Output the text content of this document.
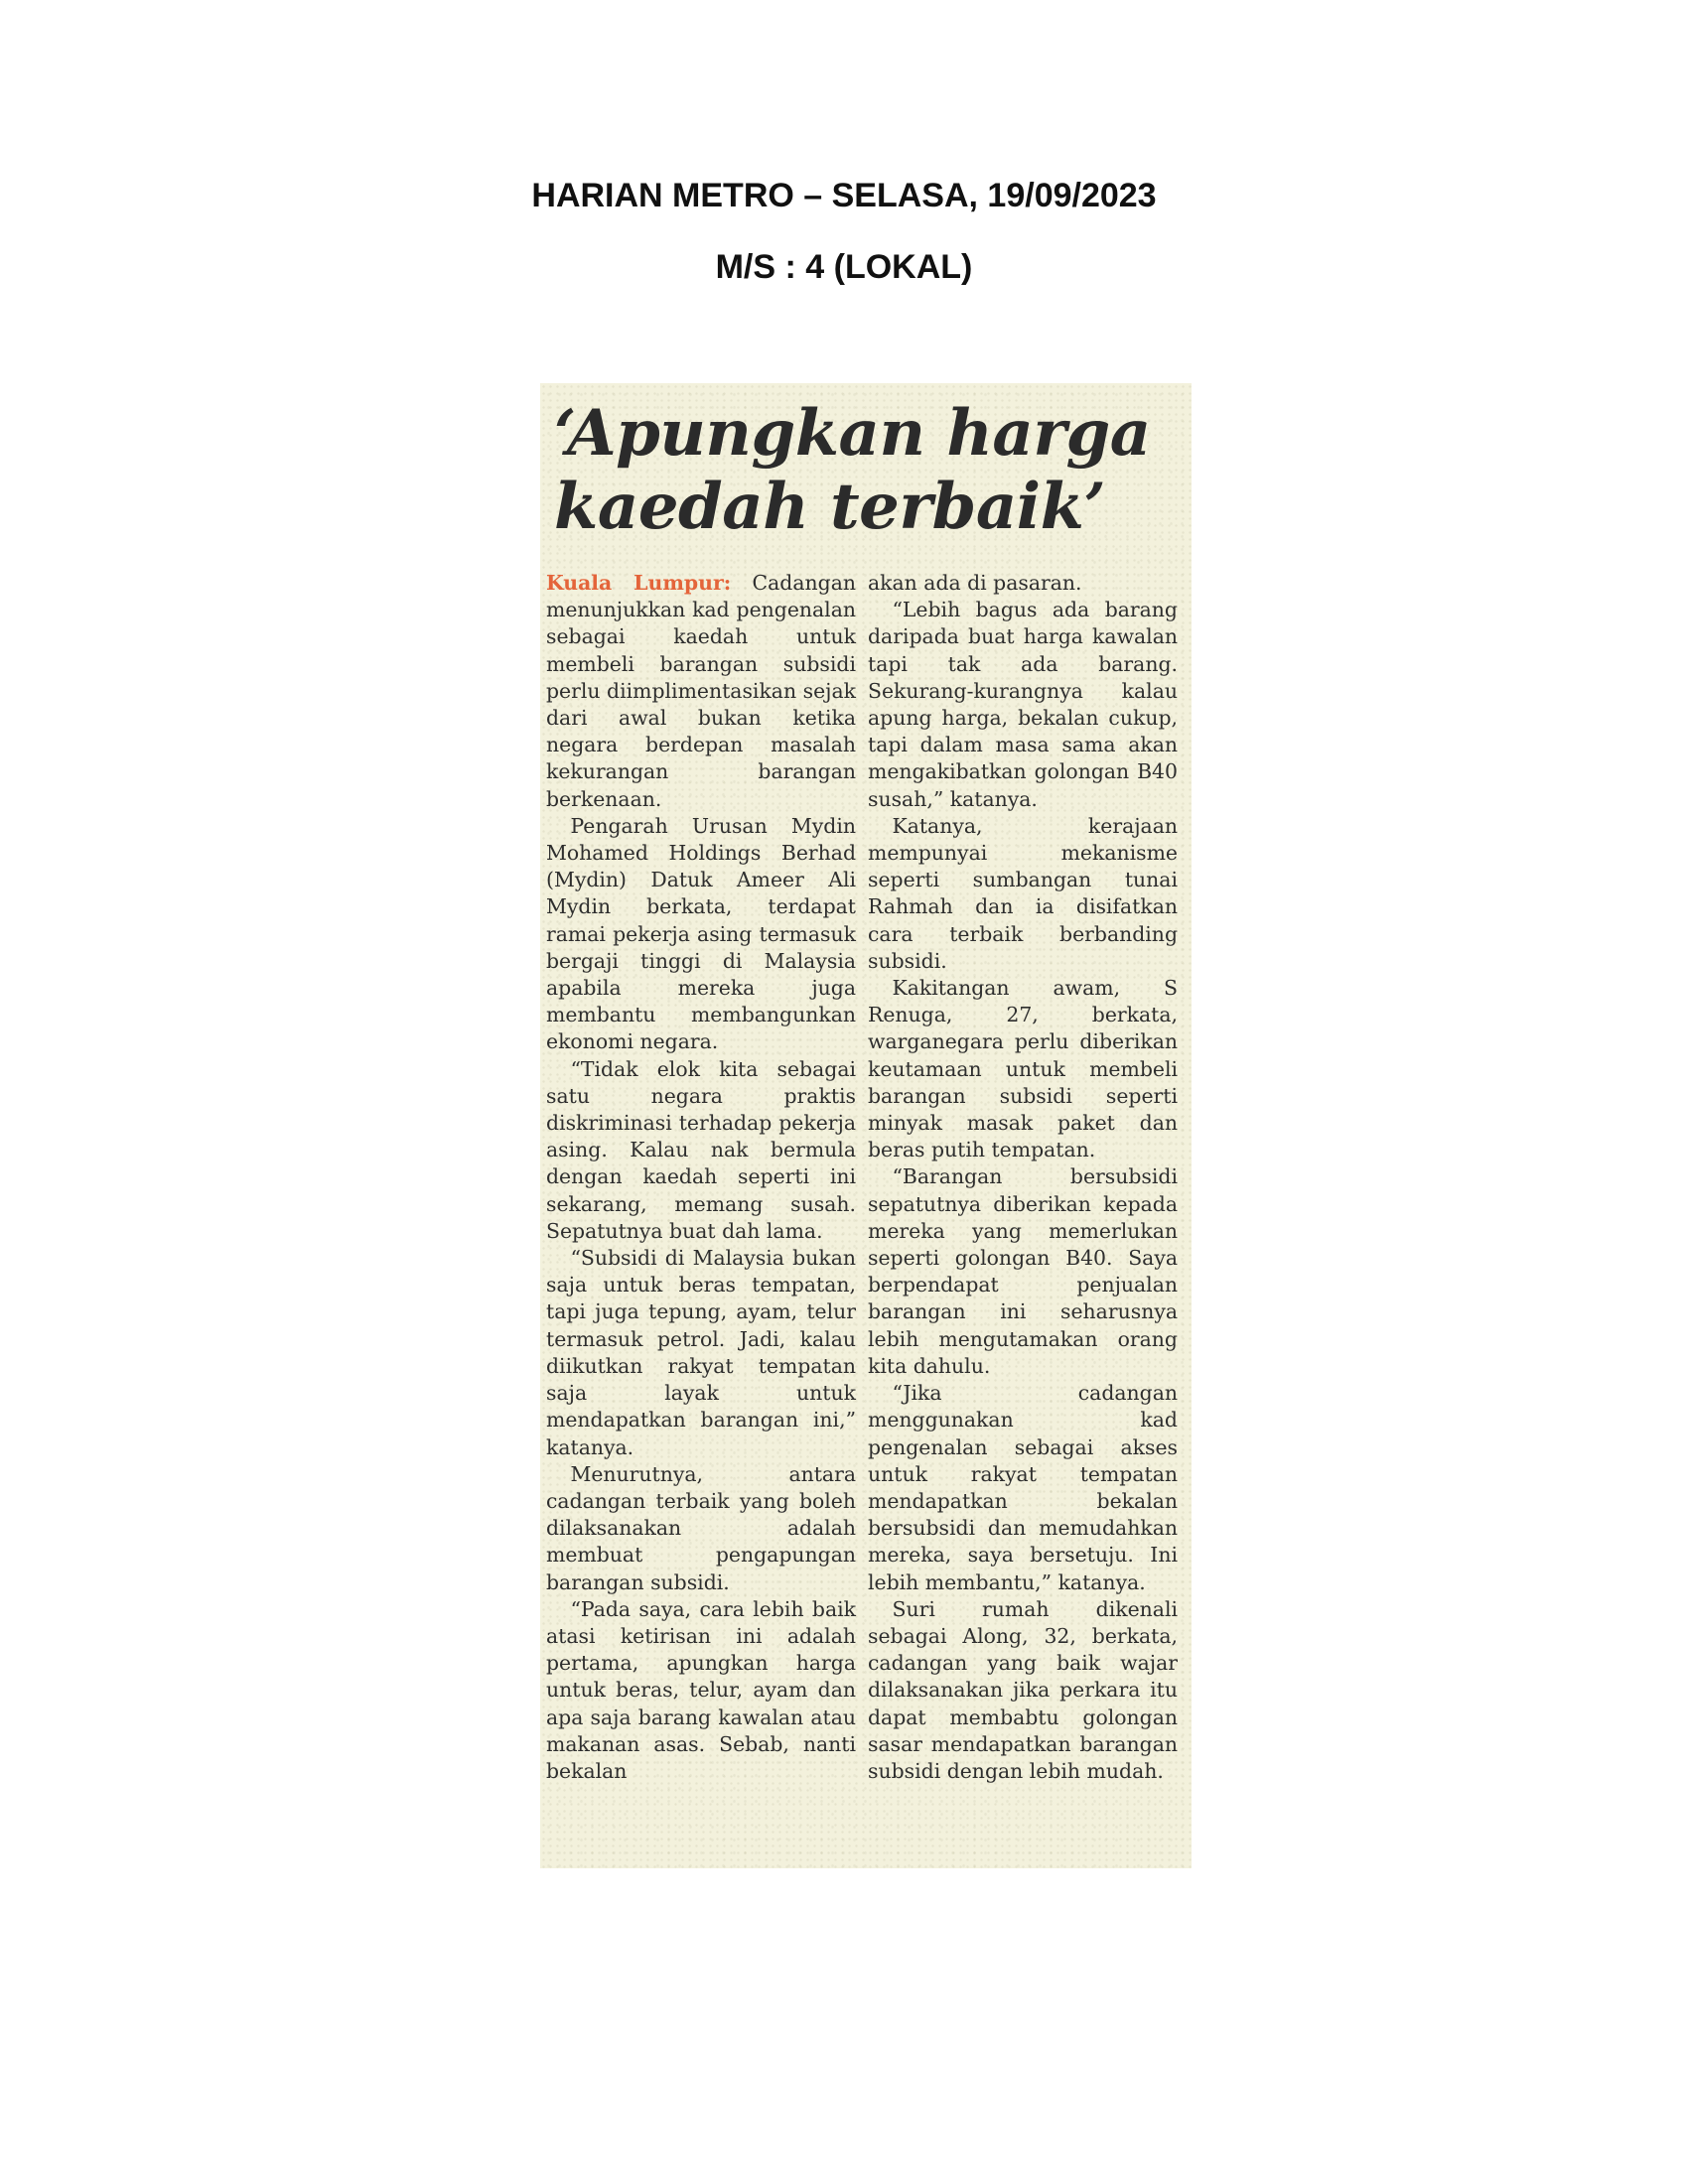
HARIAN METRO – SELASA, 19/09/2023
M/S : 4 (LOKAL)
‘Apungkan harga kaedah terbaik’

Kuala Lumpur: Cadangan menunjukkan kad pengenalan sebagai kaedah untuk membeli barangan subsidi perlu diimplimentasikan sejak dari awal bukan ketika negara berdepan masalah kekurangan barangan berkenaan.

Pengarah Urusan Mydin Mohamed Holdings Berhad (Mydin) Datuk Ameer Ali Mydin berkata, terdapat ramai pekerja asing termasuk bergaji tinggi di Malaysia apabila mereka juga membantu membangunkan ekonomi negara.

“Tidak elok kita sebagai satu negara praktis diskriminasi terhadap pekerja asing. Kalau nak bermula dengan kaedah seperti ini sekarang, memang susah. Sepatutnya buat dah lama.

“Subsidi di Malaysia bukan saja untuk beras tempatan, tapi juga tepung, ayam, telur termasuk petrol. Jadi, kalau diikutkan rakyat tempatan saja layak untuk mendapatkan barangan ini,” katanya.

Menurutnya, antara cadangan terbaik yang boleh dilaksanakan adalah membuat pengapungan barangan subsidi.

“Pada saya, cara lebih baik atasi ketirisan ini adalah pertama, apungkan harga untuk beras, telur, ayam dan apa saja barang kawalan atau makanan asas. Sebab, nanti bekalan

akan ada di pasaran.

“Lebih bagus ada barang daripada buat harga kawalan tapi tak ada barang. Sekurang-kurangnya kalau apung harga, bekalan cukup, tapi dalam masa sama akan mengakibatkan golongan B40 susah,” katanya.

Katanya, kerajaan mempunyai mekanisme seperti sumbangan tunai Rahmah dan ia disifatkan cara terbaik berbanding subsidi.

Kakitangan awam, S Renuga, 27, berkata, warganegara perlu diberikan keutamaan untuk membeli barangan subsidi seperti minyak masak paket dan beras putih tempatan.

“Barangan bersubsidi sepatutnya diberikan kepada mereka yang memerlukan seperti golongan B40. Saya berpendapat penjualan barangan ini seharusnya lebih mengutamakan orang kita dahulu.

“Jika cadangan menggunakan kad pengenalan sebagai akses untuk rakyat tempatan mendapatkan bekalan bersubsidi dan memudahkan mereka, saya bersetuju. Ini lebih membantu,” katanya.

Suri rumah dikenali sebagai Along, 32, berkata, cadangan yang baik wajar dilaksanakan jika perkara itu dapat membabtu golongan sasar mendapatkan barangan subsidi dengan lebih mudah.
